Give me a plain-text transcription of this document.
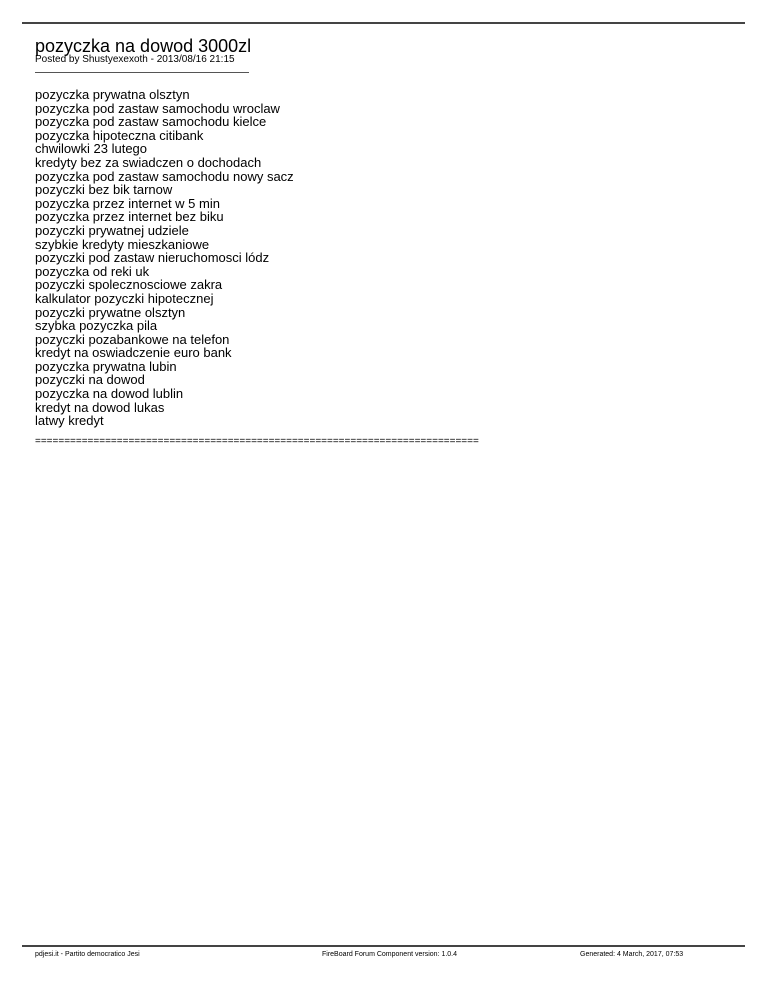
pozyczka na dowod 3000zl
Posted by Shustyexexoth - 2013/08/16 21:15
pozyczka prywatna olsztyn
pozyczka pod zastaw samochodu wroclaw
pozyczka pod zastaw samochodu kielce
pozyczka hipoteczna citibank
chwilowki 23 lutego
kredyty bez za swiadczen o dochodach
pozyczka pod zastaw samochodu nowy sacz
pozyczki bez bik tarnow
pozyczka przez internet w 5 min
pozyczka przez internet bez biku
pozyczki prywatnej udziele
szybkie kredyty mieszkaniowe
pozyczki pod zastaw nieruchomosci lódz
pozyczka od reki uk
pozyczki spolecznosciowe zakra
kalkulator pozyczki hipotecznej
pozyczki prywatne olsztyn
szybka pozyczka pila
pozyczki pozabankowe na telefon
kredyt na oswiadczenie euro bank
pozyczka prywatna lubin
pozyczki na dowod
pozyczka na dowod lublin
kredyt na dowod lukas
latwy kredyt
============================================================================
pdjesi.it - Partito democratico Jesi	FireBoard Forum Component version: 1.0.4	Generated: 4 March, 2017, 07:53
